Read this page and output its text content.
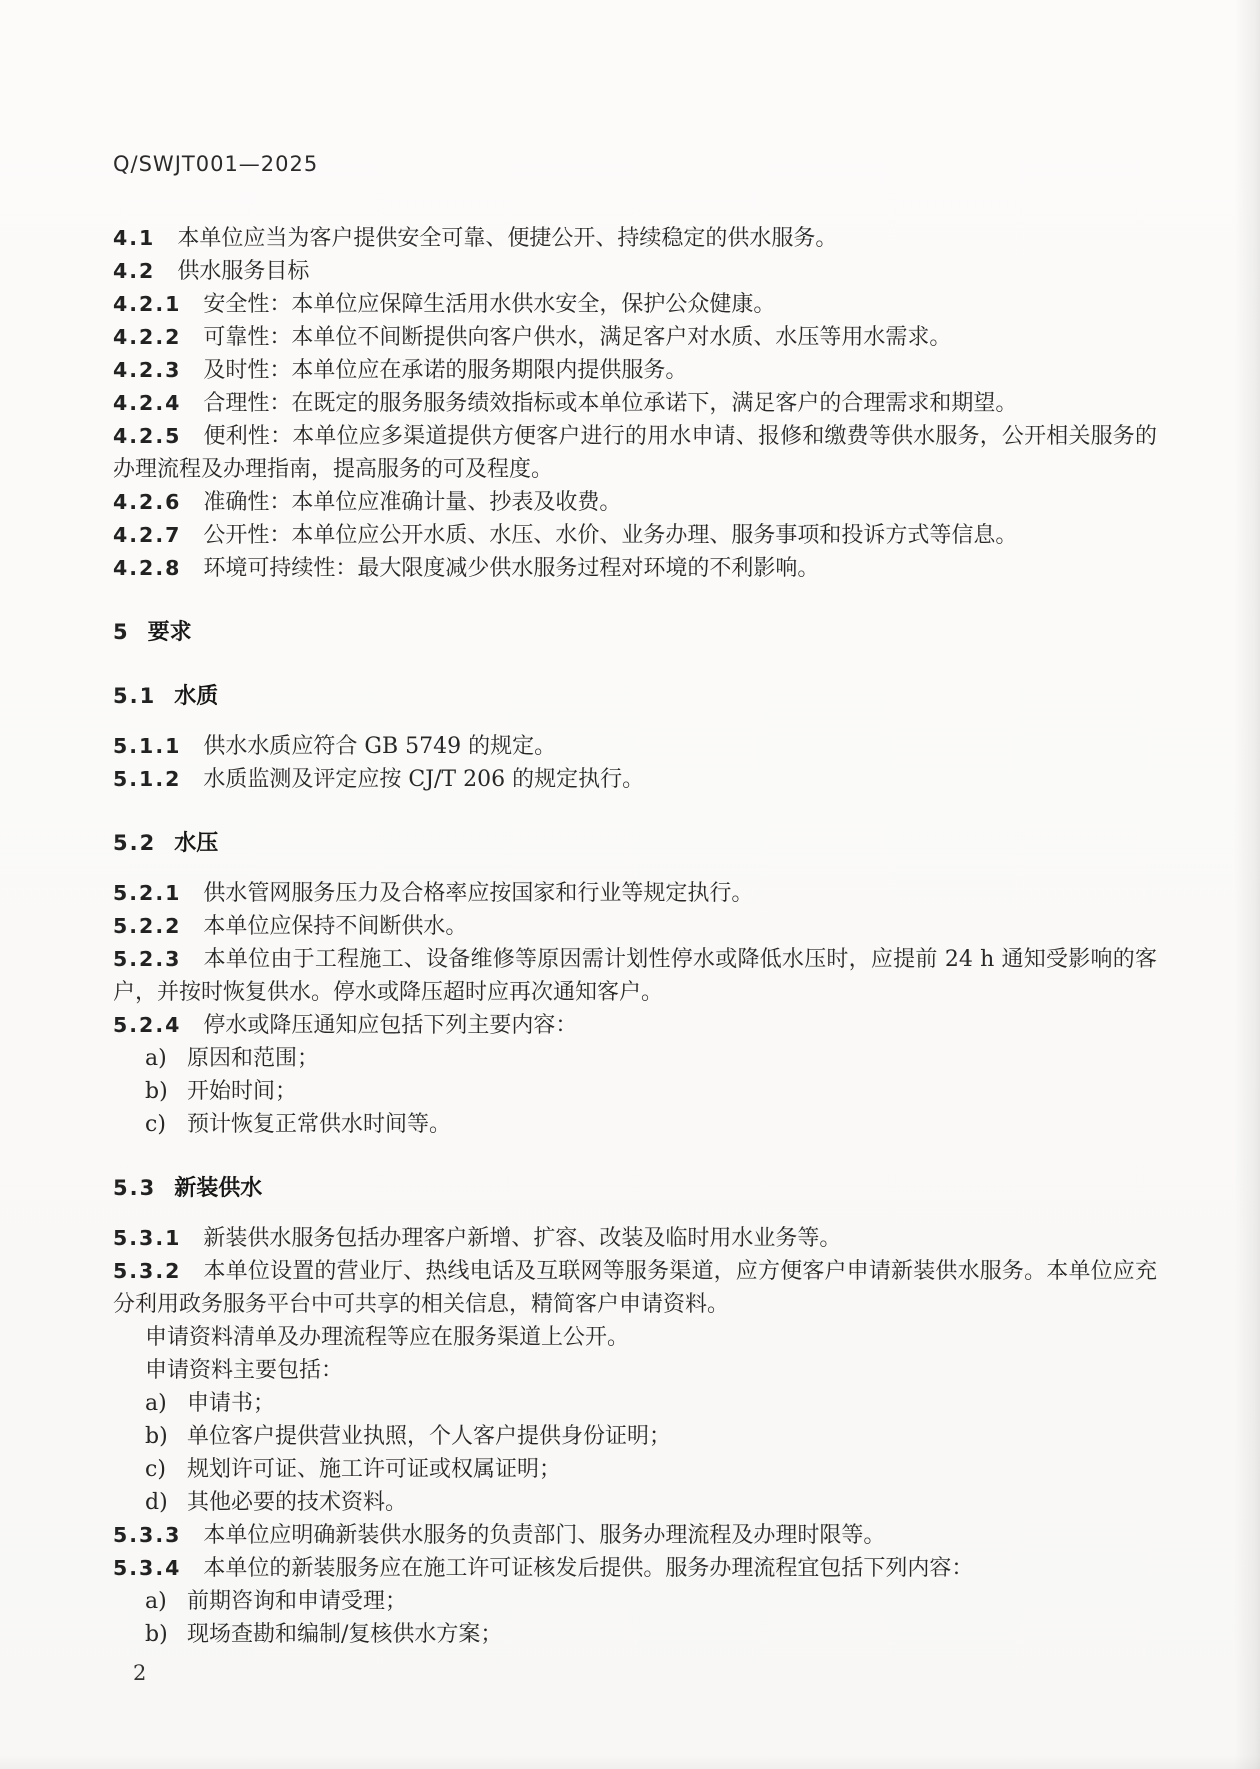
Q/SWJT001—2025

4.1 本单位应当为客户提供安全可靠、便捷公开、持续稳定的供水服务。

4.2 供水服务目标

4.2.1 安全性：本单位应保障生活用水供水安全，保护公众健康。

4.2.2 可靠性：本单位不间断提供向客户供水，满足客户对水质、水压等用水需求。

4.2.3 及时性：本单位应在承诺的服务期限内提供服务。

4.2.4 合理性：在既定的服务服务绩效指标或本单位承诺下，满足客户的合理需求和期望。

4.2.5 便利性：本单位应多渠道提供方便客户进行的用水申请、报修和缴费等供水服务，公开相关服务的办理流程及办理指南，提高服务的可及程度。

4.2.6 准确性：本单位应准确计量、抄表及收费。

4.2.7 公开性：本单位应公开水质、水压、水价、业务办理、服务事项和投诉方式等信息。

4.2.8 环境可持续性：最大限度减少供水服务过程对环境的不利影响。

5 要求

5.1 水质

5.1.1 供水水质应符合 GB 5749 的规定。

5.1.2 水质监测及评定应按 CJ/T 206 的规定执行。

5.2 水压

5.2.1 供水管网服务压力及合格率应按国家和行业等规定执行。

5.2.2 本单位应保持不间断供水。

5.2.3 本单位由于工程施工、设备维修等原因需计划性停水或降低水压时，应提前 24 h 通知受影响的客户，并按时恢复供水。停水或降压超时应再次通知客户。

5.2.4 停水或降压通知应包括下列主要内容：

a) 原因和范围；

b) 开始时间；

c) 预计恢复正常供水时间等。

5.3 新装供水

5.3.1 新装供水服务包括办理客户新增、扩容、改装及临时用水业务等。

5.3.2 本单位设置的营业厅、热线电话及互联网等服务渠道，应方便客户申请新装供水服务。本单位应充分利用政务服务平台中可共享的相关信息，精简客户申请资料。

申请资料清单及办理流程等应在服务渠道上公开。

申请资料主要包括：

a) 申请书；

b) 单位客户提供营业执照，个人客户提供身份证明；

c) 规划许可证、施工许可证或权属证明；

d) 其他必要的技术资料。

5.3.3 本单位应明确新装供水服务的负责部门、服务办理流程及办理时限等。

5.3.4 本单位的新装服务应在施工许可证核发后提供。服务办理流程宜包括下列内容：

a) 前期咨询和申请受理；

b) 现场查勘和编制/复核供水方案；

2
